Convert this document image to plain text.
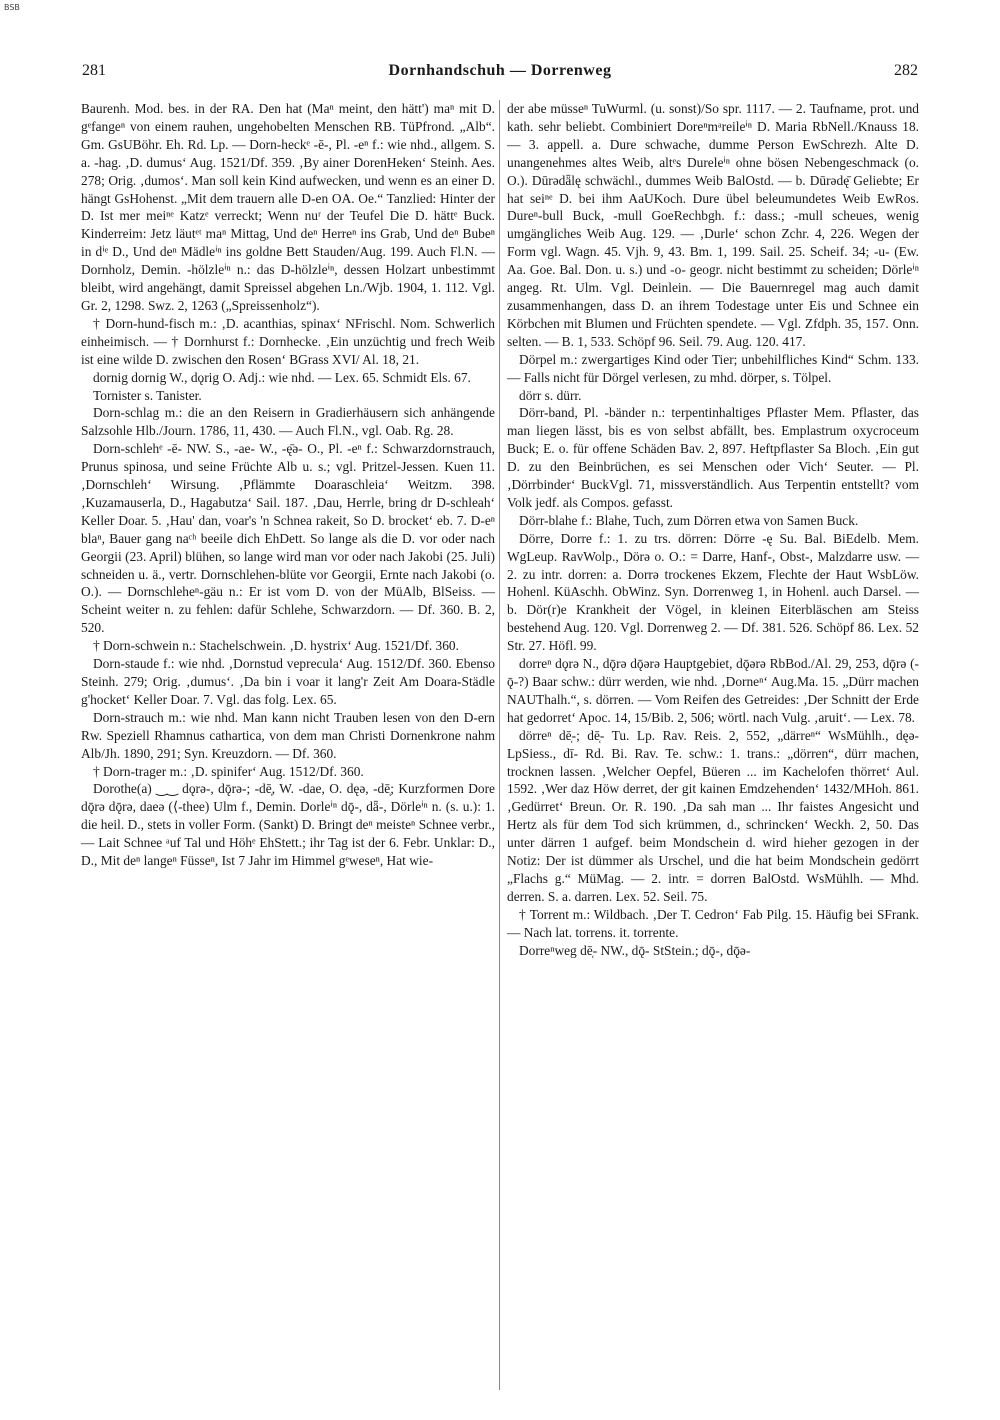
BSB
281	Dornhandschuh — Dorrenweg	282

Baurenh. Mod. bes. in der RA. Den hat (Maⁿ meint, den hätt') maⁿ mit D. gᵉfangeⁿ von einem rauhen, ungehobelten Menschen RB. TüPfrond. „Alb“. Gm. GsUBöhr. Eh. Rd. Lp. — Dorn-heckᵉ -ē-, Pl. -eⁿ f.: wie nhd., allgem. S. a. -hag. ‚D. dumus‘ Aug. 1521/Df. 359. ‚By ainer DorenHeken‘ Steinh. Aes. 278; Orig. ‚dumos‘. Man soll kein Kind aufwecken, und wenn es an einer D. hängt GsHohenst. „Mit dem trauern alle D-en OA. Oe.“ Tanzlied: Hinter der D. Ist mer meiⁿᵉ Katzᵉ verreckt; Wenn nuʳ der Teufel Die D. hättᵉ Buck. Kinderreim: Jetz läutᵉᵗ maⁿ Mittag, Und deⁿ Herreⁿ ins Grab, Und deⁿ Bubeⁿ in dⁱᵉ D., Und deⁿ Mädleⁱⁿ ins goldne Bett Stauden/Aug. 199. Auch Fl.N. — Dornholz, Demin. -hölzleⁱⁿ n.: das D-hölzleⁱⁿ, dessen Holzart unbestimmt bleibt, wird angehängt, damit Spreissel abgehen Ln./Wjb. 1904, 1. 112. Vgl. Gr. 2, 1298. Swz. 2, 1263 („Spreissenholz“).

† Dorn-hund-fisch m.: ‚D. acanthias, spinax‘ NFrischl. Nom. Schwerlich einheimisch. — † Dornhurst f.: Dornhecke. ‚Ein unzüchtig und frech Weib ist eine wilde D. zwischen den Rosen‘ BGrass XVI/ Al. 18, 21.

dornig dornig W., dǫrig O. Adj.: wie nhd. — Lex. 65. Schmidt Els. 67.

Tornister s. Tanister.

Dorn-schlag m.: die an den Reisern in Gradierhäusern sich anhängende Salzsohle Hlb./Journ. 1786, 11, 430. — Auch Fl.N., vgl. Oab. Rg. 28.

Dorn-schlehᵉ -ē- NW. S., -ae- W., -ę̄ə- O., Pl. -eⁿ f.: Schwarzdornstrauch, Prunus spinosa, und seine Früchte Alb u. s.; vgl. Pritzel-Jessen. Kuen 11. ‚Dornschleh‘ Wirsung. ‚Pflämmte Doaraschleia‘ Weitzm. 398. ‚Kuzamauserla, D., Hagabutza‘ Sail. 187. ‚Dau, Herrle, bring dr D-schleah‘ Keller Doar. 5. ‚Hau' dan, voar's 'n Schnea rakeit, So D. brocket‘ eb. 7. D-eⁿ blaⁿ, Bauer gang naᶜʰ beeile dich EhDett. So lange als die D. vor oder nach Georgii (23. April) blühen, so lange wird man vor oder nach Jakobi (25. Juli) schneiden u. ä., vertr. Dornschlehen-blüte vor Georgii, Ernte nach Jakobi (o. O.). — Dornschleheⁿ-gäu n.: Er ist vom D. von der MüAlb, BlSeiss. — Scheint weiter n. zu fehlen: dafür Schlehe, Schwarzdorn. — Df. 360. B. 2, 520.

† Dorn-schwein n.: Stachelschwein. ‚D. hystrix‘ Aug. 1521/Df. 360.

Dorn-staude f.: wie nhd. ‚Dornstud veprecula‘ Aug. 1512/Df. 360. Ebenso Steinh. 279; Orig. ‚dumus‘. ‚Da bin i voar it lang'r Zeit Am Doara-Städle g'hocket‘ Keller Doar. 7. Vgl. das folg. Lex. 65.

Dorn-strauch m.: wie nhd. Man kann nicht Trauben lesen von den D-ern Rw. Speziell Rhamnus cathartica, von dem man Christi Dornenkrone nahm Alb/Jh. 1890, 291; Syn. Kreuzdorn. — Df. 360.

† Dorn-trager m.: ‚D. spinifer‘ Aug. 1512/Df. 360.

Dorothe(a) ‿‿ dǫrə-, dǭrə-; -dē̜, W. -dae, O. dęə, -dē̜; Kurzformen Dore dǭrə dǭrə, daeə (⟨-thee) Ulm f., Demin. Dorleⁱⁿ dǭ-, dǟ-, Dörleⁱⁿ n. (s. u.): 1. die heil. D., stets in voller Form. (Sankt) D. Bringt deⁿ meisteⁿ Schnee verbr., — Lait Schnee ᵃuf Tal und Höhᵉ EhStett.; ihr Tag ist der 6. Febr. Unklar: D., D., Mit deⁿ langeⁿ Füsseⁿ, Ist 7 Jahr im Himmel gᵉweseⁿ, Hat wie-

der abe müsseⁿ TuWurml. (u. sonst)/So spr. 1117. — 2. Taufname, prot. und kath. sehr beliebt. Combiniert Doreⁿmᵃreileⁱⁿ D. Maria RbNell./Knauss 18. — 3. appell. a. Dure schwache, dumme Person EwSchrezh. Alte D. unangenehmes altes Weib, altᵉs Dureleⁱⁿ ohne bösen Nebengeschmack (o. O.). Dūrədǟlę schwächl., dummes Weib BalOstd. — b. Dūrədę̄ Geliebte; Er hat seiⁿᵉ D. bei ihm AaUKoch. Dure übel beleumundetes Weib EwRos. Dureⁿ-bull Buck, -mull GoeRechbgh. f.: dass.; -mull scheues, wenig umgängliches Weib Aug. 129. — ‚Durle‘ schon Zchr. 4, 226. Wegen der Form vgl. Wagn. 45. Vjh. 9, 43. Bm. 1, 199. Sail. 25. Scheif. 34; -u- (Ew. Aa. Goe. Bal. Don. u. s.) und -o- geogr. nicht bestimmt zu scheiden; Dörleⁱⁿ angeg. Rt. Ulm. Vgl. Deinlein. — Die Bauernregel mag auch damit zusammenhangen, dass D. an ihrem Todestage unter Eis und Schnee ein Körbchen mit Blumen und Früchten spendete. — Vgl. Zfdph. 35, 157. Onn. selten. — B. 1, 533. Schöpf 96. Seil. 79. Aug. 120. 417.

Dörpel m.: zwergartiges Kind oder Tier; unbehilfliches Kind“ Schm. 133. — Falls nicht für Dörgel verlesen, zu mhd. dörper, s. Tölpel.

dörr s. dürr.

Dörr-band, Pl. -bänder n.: terpentinhaltiges Pflaster Mem. Pflaster, das man liegen lässt, bis es von selbst abfällt, bes. Emplastrum oxycroceum Buck; E. o. für offene Schäden Bav. 2, 897. Heftpflaster Sa Bloch. ‚Ein gut D. zu den Beinbrüchen, es sei Menschen oder Vich‘ Seuter. — Pl. ‚Dörrbinder‘ BuckVgl. 71, missverständlich. Aus Terpentin entstellt? vom Volk jedf. als Compos. gefasst.

Dörr-blahe f.: Blahe, Tuch, zum Dörren etwa von Samen Buck.

Dörre, Dorre f.: 1. zu trs. dörren: Dörre -ę Su. Bal. BiEdelb. Mem. WgLeup. RavWolp., Dörə o. O.: = Darre, Hanf-, Obst-, Malzdarre usw. — 2. zu intr. dorren: a. Dorrə trockenes Ekzem, Flechte der Haut WsbLöw. Hohenl. KüAschh. ObWinz. Syn. Dorrenweg 1, in Hohenl. auch Darsel. — b. Dör(r)e Krankheit der Vögel, in kleinen Eiterbläschen am Steiss bestehend Aug. 120. Vgl. Dorrenweg 2. — Df. 381. 526. Schöpf 86. Lex. 52 Str. 27. Höfl. 99.

dorreⁿ dǫrə N., dǭrə dǭərə Hauptgebiet, dǭərə RbBod./Al. 29, 253, dǭrə (-ǭ-?) Baar schw.: dürr werden, wie nhd. ‚Dorneⁿ‘ Aug.Ma. 15. „Dürr machen NAUThalh.“, s. dörren. — Vom Reifen des Getreides: ‚Der Schnitt der Erde hat gedorret‘ Apoc. 14, 15/Bib. 2, 506; wörtl. nach Vulg. ‚aruit‘. — Lex. 78.

dörreⁿ dē̜-; dē̜- Tu. Lp. Rav. Reis. 2, 552, „därreⁿ“ WsMühlh., dęə-LpSiess., dī- Rd. Bi. Rav. Te. schw.: 1. trans.: „dörren“, dürr machen, trocknen lassen. ‚Welcher Oepfel, Büeren ... im Kachelofen thörret‘ Aul. 1592. ‚Wer daz Höw derret, der git kainen Emdzehenden‘ 1432/MHoh. 861. ‚Gedürret‘ Breun. Or. R. 190. ‚Da sah man ... Ihr faistes Angesicht und Hertz als für dem Tod sich krümmen, d., schrincken‘ Weckh. 2, 50. Das unter därren 1 aufgef. beim Mondschein d. wird hieher gezogen in der Notiz: Der ist dümmer als Urschel, und die hat beim Mondschein gedörrt „Flachs g.“ MüMag. — 2. intr. = dorren BalOstd. WsMühlh. — Mhd. derren. S. a. darren. Lex. 52. Seil. 75.

† Torrent m.: Wildbach. ‚Der T. Cedron‘ Fab Pilg. 15. Häufig bei SFrank. — Nach lat. torrens. it. torrente.

Dorreⁿweg dē̜- NW., dǭ- StStein.; dǭ-, dǭə-
